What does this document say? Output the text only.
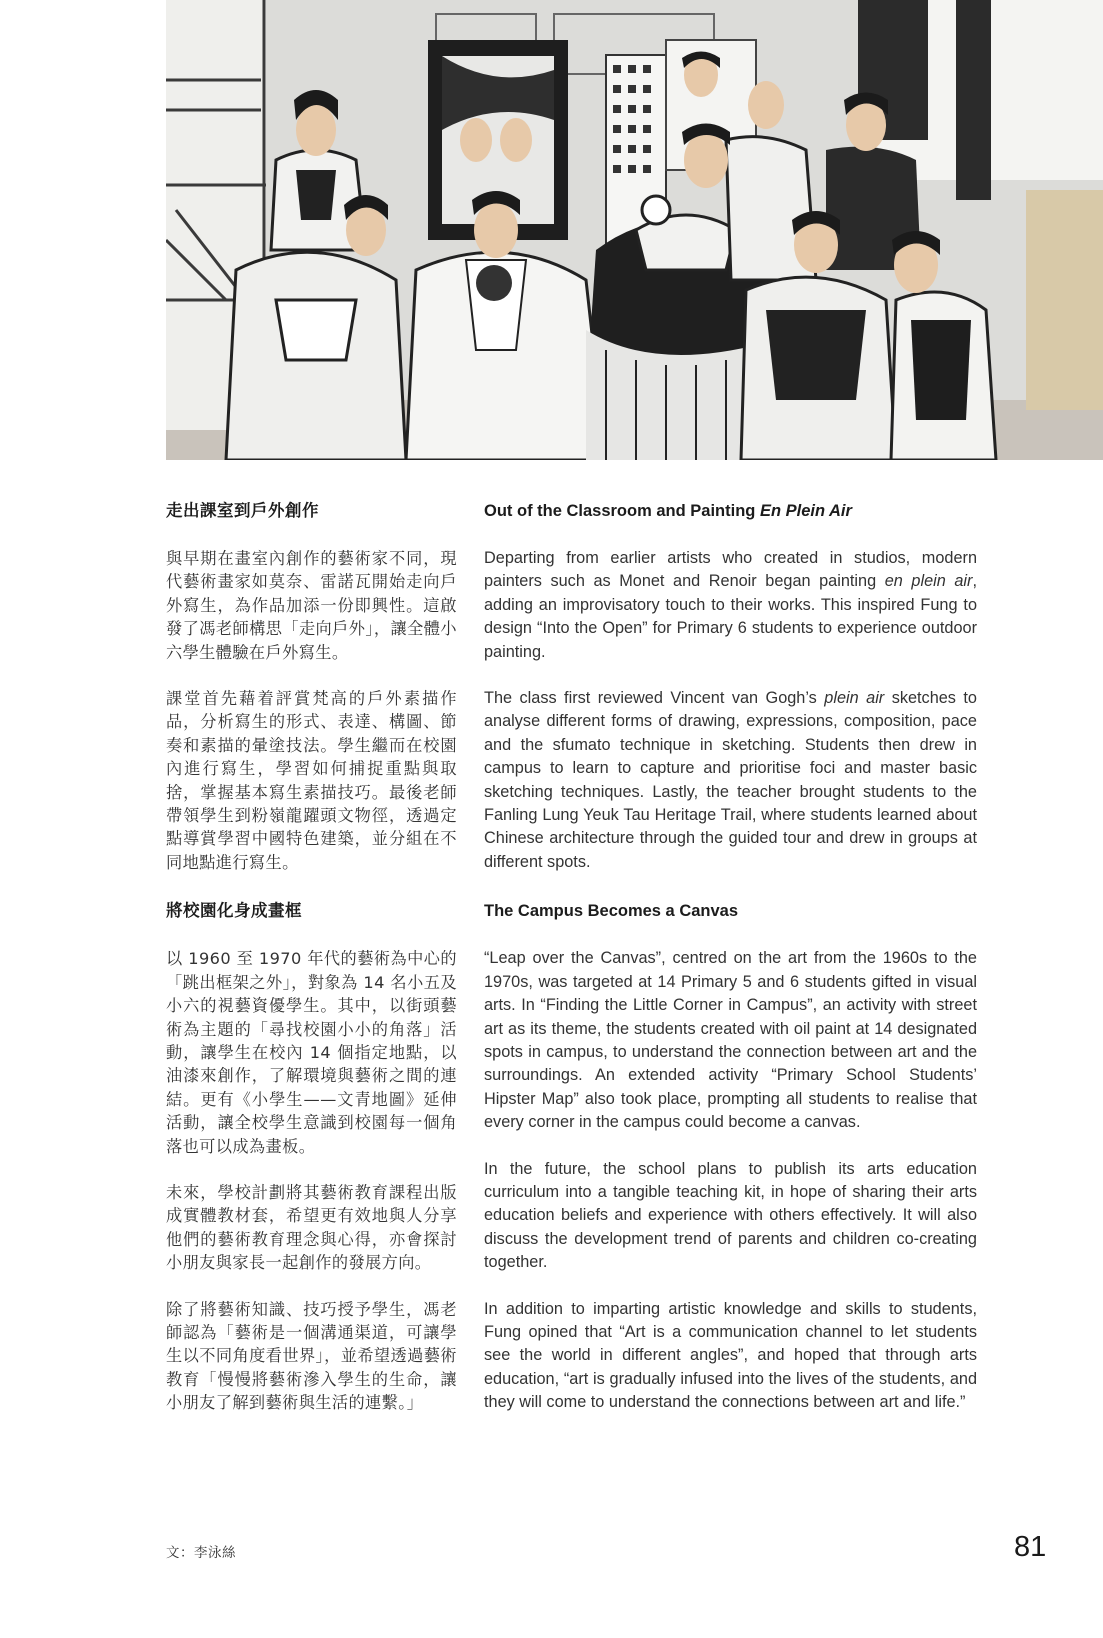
走出課室到戶外創作

與早期在畫室內創作的藝術家不同，現代藝術畫家如莫奈、雷諾瓦開始走向戶外寫生，為作品加添一份即興性。這啟發了馮老師構思「走向戶外」，讓全體小六學生體驗在戶外寫生。

課堂首先藉着評賞梵高的戶外素描作品，分析寫生的形式、表達、構圖、節奏和素描的暈塗技法。學生繼而在校園內進行寫生，學習如何捕捉重點與取捨，掌握基本寫生素描技巧。最後老師帶領學生到粉嶺龍躍頭文物徑，透過定點導賞學習中國特色建築，並分組在不同地點進行寫生。

將校園化身成畫框

以 1960 至 1970 年代的藝術為中心的「跳出框架之外」，對象為 14 名小五及小六的視藝資優學生。其中，以街頭藝術為主題的「尋找校園小小的角落」活動，讓學生在校內 14 個指定地點，以油漆來創作，了解環境與藝術之間的連結。更有《小學生——文青地圖》延伸活動，讓全校學生意識到校園每一個角落也可以成為畫板。

未來，學校計劃將其藝術教育課程出版成實體教材套，希望更有效地與人分享他們的藝術教育理念與心得，亦會探討小朋友與家長一起創作的發展方向。

除了將藝術知識、技巧授予學生，馮老師認為「藝術是一個溝通渠道，可讓學生以不同角度看世界」，並希望透過藝術教育「慢慢將藝術滲入學生的生命，讓小朋友了解到藝術與生活的連繫。」

Out of the Classroom and Painting En Plein Air

Departing from earlier artists who created in studios, modern painters such as Monet and Renoir began painting en plein air, adding an improvisatory touch to their works. This inspired Fung to design “Into the Open” for Primary 6 students to experience outdoor painting.

The class first reviewed Vincent van Gogh’s plein air sketches to analyse different forms of drawing, expressions, composition, pace and the sfumato technique in sketching. Students then drew in campus to learn to capture and prioritise foci and master basic sketching techniques. Lastly, the teacher brought students to the Fanling Lung Yeuk Tau Heritage Trail, where students learned about Chinese architecture through the guided tour and drew in groups at different spots.

The Campus Becomes a Canvas

“Leap over the Canvas”, centred on the art from the 1960s to the 1970s, was targeted at 14 Primary 5 and 6 students gifted in visual arts. In “Finding the Little Corner in Campus”, an activity with street art as its theme, the students created with oil paint at 14 designated spots in campus, to understand the connection between art and the surroundings. An extended activity “Primary School Students’ Hipster Map” also took place, prompting all students to realise that every corner in the campus could become a canvas.

In the future, the school plans to publish its arts education curriculum into a tangible teaching kit, in hope of sharing their arts education beliefs and experience with others effectively. It will also discuss the development trend of parents and children co-creating together.

In addition to imparting artistic knowledge and skills to students, Fung opined that “Art is a communication channel to let students see the world in different angles”, and hoped that through arts education, “art is gradually infused into the lives of the students, and they will come to understand the connections between art and life.”

文：李泳絲	81
